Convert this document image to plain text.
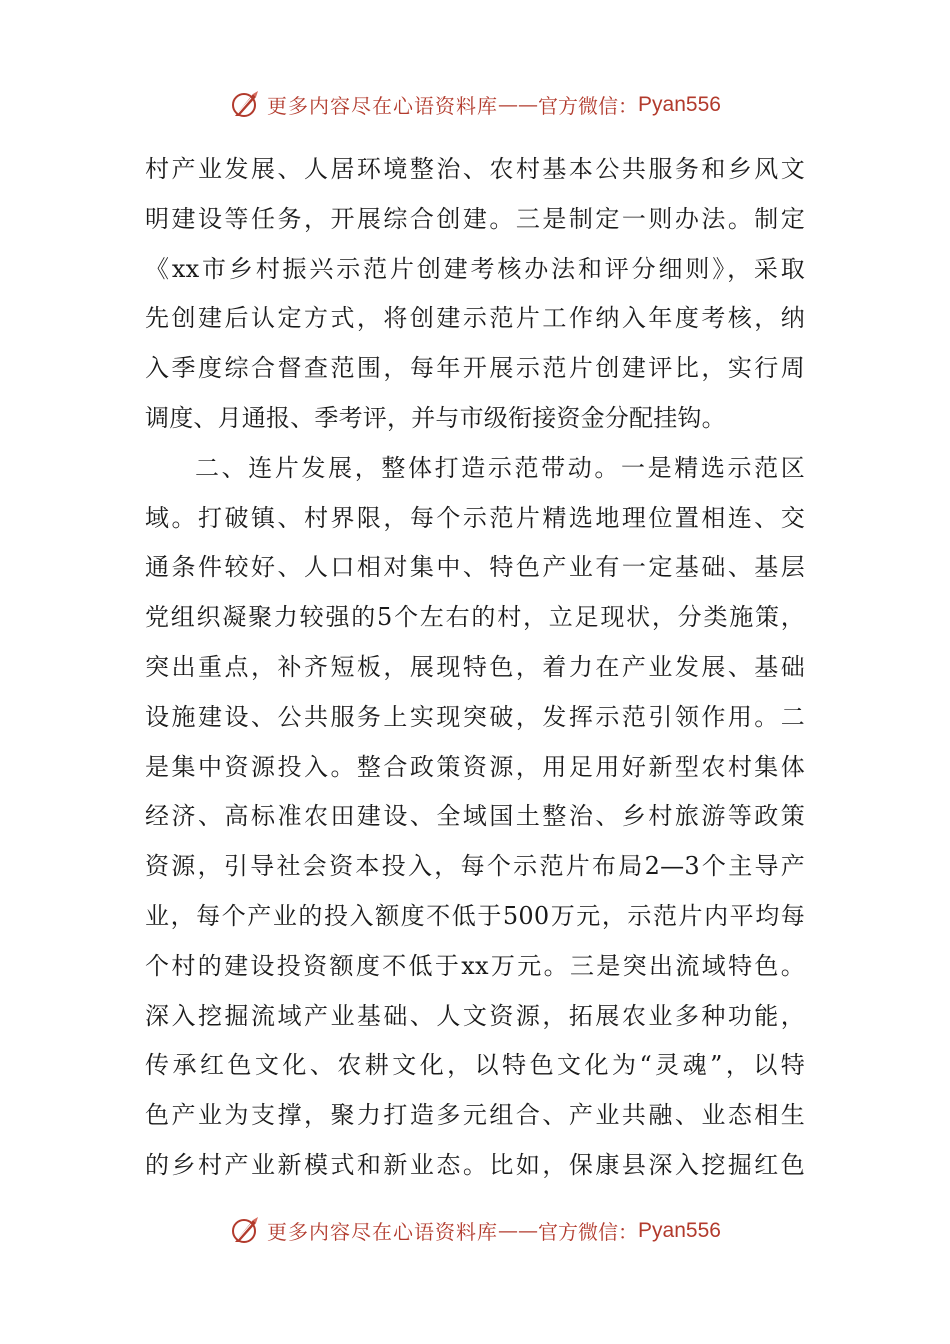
更多内容尽在心语资料库 —— 官方微信： Pyan556
村产业发展、人居环境整治、农村基本公共服务和乡风文
明建设等任务，开展综合创建。三是制定一则办法。制定
《xx市乡村振兴示范片创建考核办法和评分细则》，采取
先创建后认定方式，将创建示范片工作纳入年度考核，纳
入季度综合督查范围，每年开展示范片创建评比，实行周
调度、月通报、季考评，并与市级衔接资金分配挂钩。
二、连片发展，整体打造示范带动。一是精选示范区
域。打破镇、村界限，每个示范片精选地理位置相连、交
通条件较好、人口相对集中、特色产业有一定基础、基层
党组织凝聚力较强的5个左右的村，立足现状，分类施策，
突出重点，补齐短板，展现特色，着力在产业发展、基础
设施建设、公共服务上实现突破，发挥示范引领作用。二
是集中资源投入。整合政策资源，用足用好新型农村集体
经济、高标准农田建设、全域国土整治、乡村旅游等政策
资源，引导社会资本投入，每个示范片布局2—3个主导产
业，每个产业的投入额度不低于500万元，示范片内平均每
个村的建设投资额度不低于xx万元。三是突出流域特色。
深入挖掘流域产业基础、人文资源，拓展农业多种功能，
传承红色文化、农耕文化，以特色文化为“灵魂”，以特
色产业为支撑，聚力打造多元组合、产业共融、业态相生
的乡村产业新模式和新业态。比如，保康县深入挖掘红色
更多内容尽在心语资料库 —— 官方微信： Pyan556
